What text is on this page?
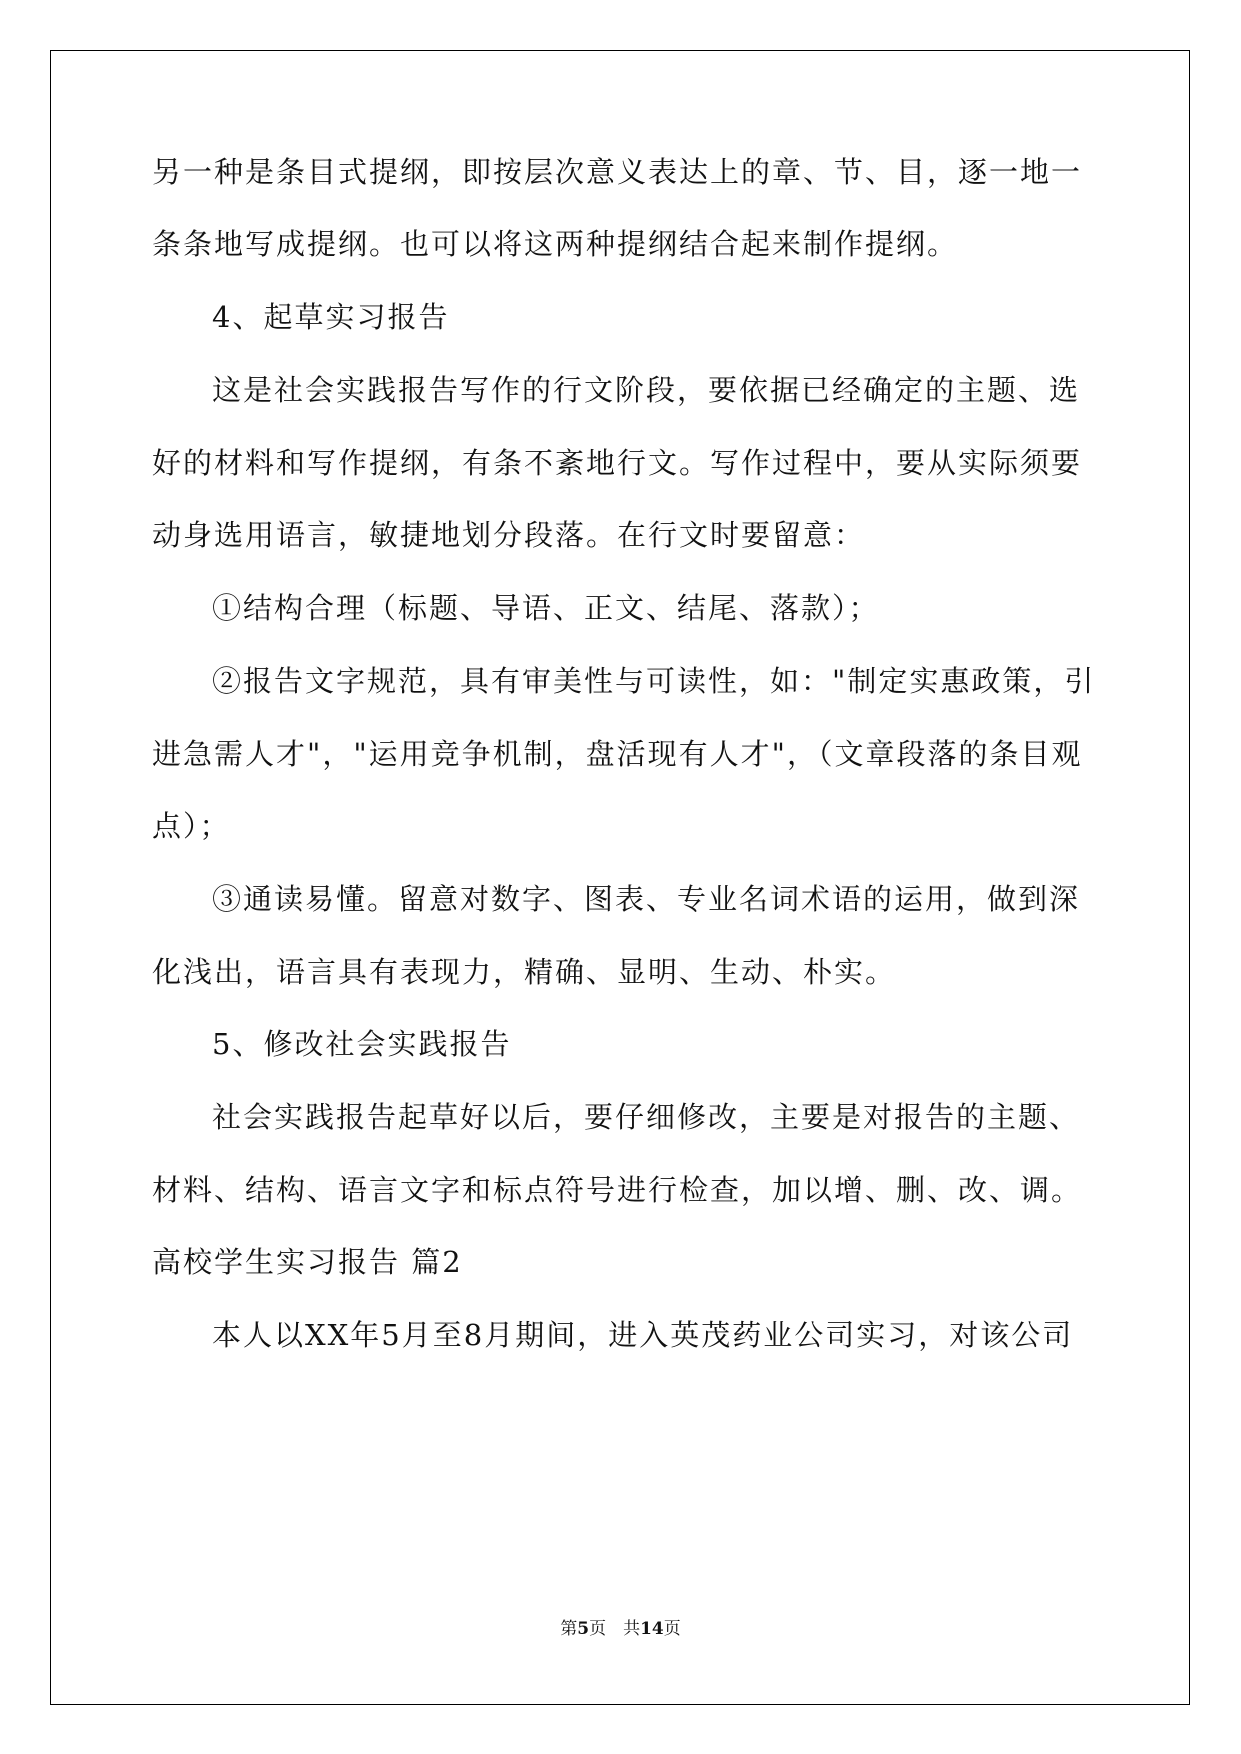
另一种是条目式提纲，即按层次意义表达上的章、节、目，逐一地一
条条地写成提纲。也可以将这两种提纲结合起来制作提纲。
4、起草实习报告
这是社会实践报告写作的行文阶段，要依据已经确定的主题、选
好的材料和写作提纲，有条不紊地行文。写作过程中，要从实际须要
动身选用语言，敏捷地划分段落。在行文时要留意：
①结构合理（标题、导语、正文、结尾、落款）；
②报告文字规范，具有审美性与可读性，如："制定实惠政策，引
进急需人才"，"运用竞争机制，盘活现有人才"，（文章段落的条目观
点）；
③通读易懂。留意对数字、图表、专业名词术语的运用，做到深
化浅出，语言具有表现力，精确、显明、生动、朴实。
5、修改社会实践报告
社会实践报告起草好以后，要仔细修改，主要是对报告的主题、
材料、结构、语言文字和标点符号进行检查，加以增、删、改、调。
高校学生实习报告 篇2
本人以XX年5月至8月期间，进入英茂药业公司实习，对该公司
第5页　共14页
